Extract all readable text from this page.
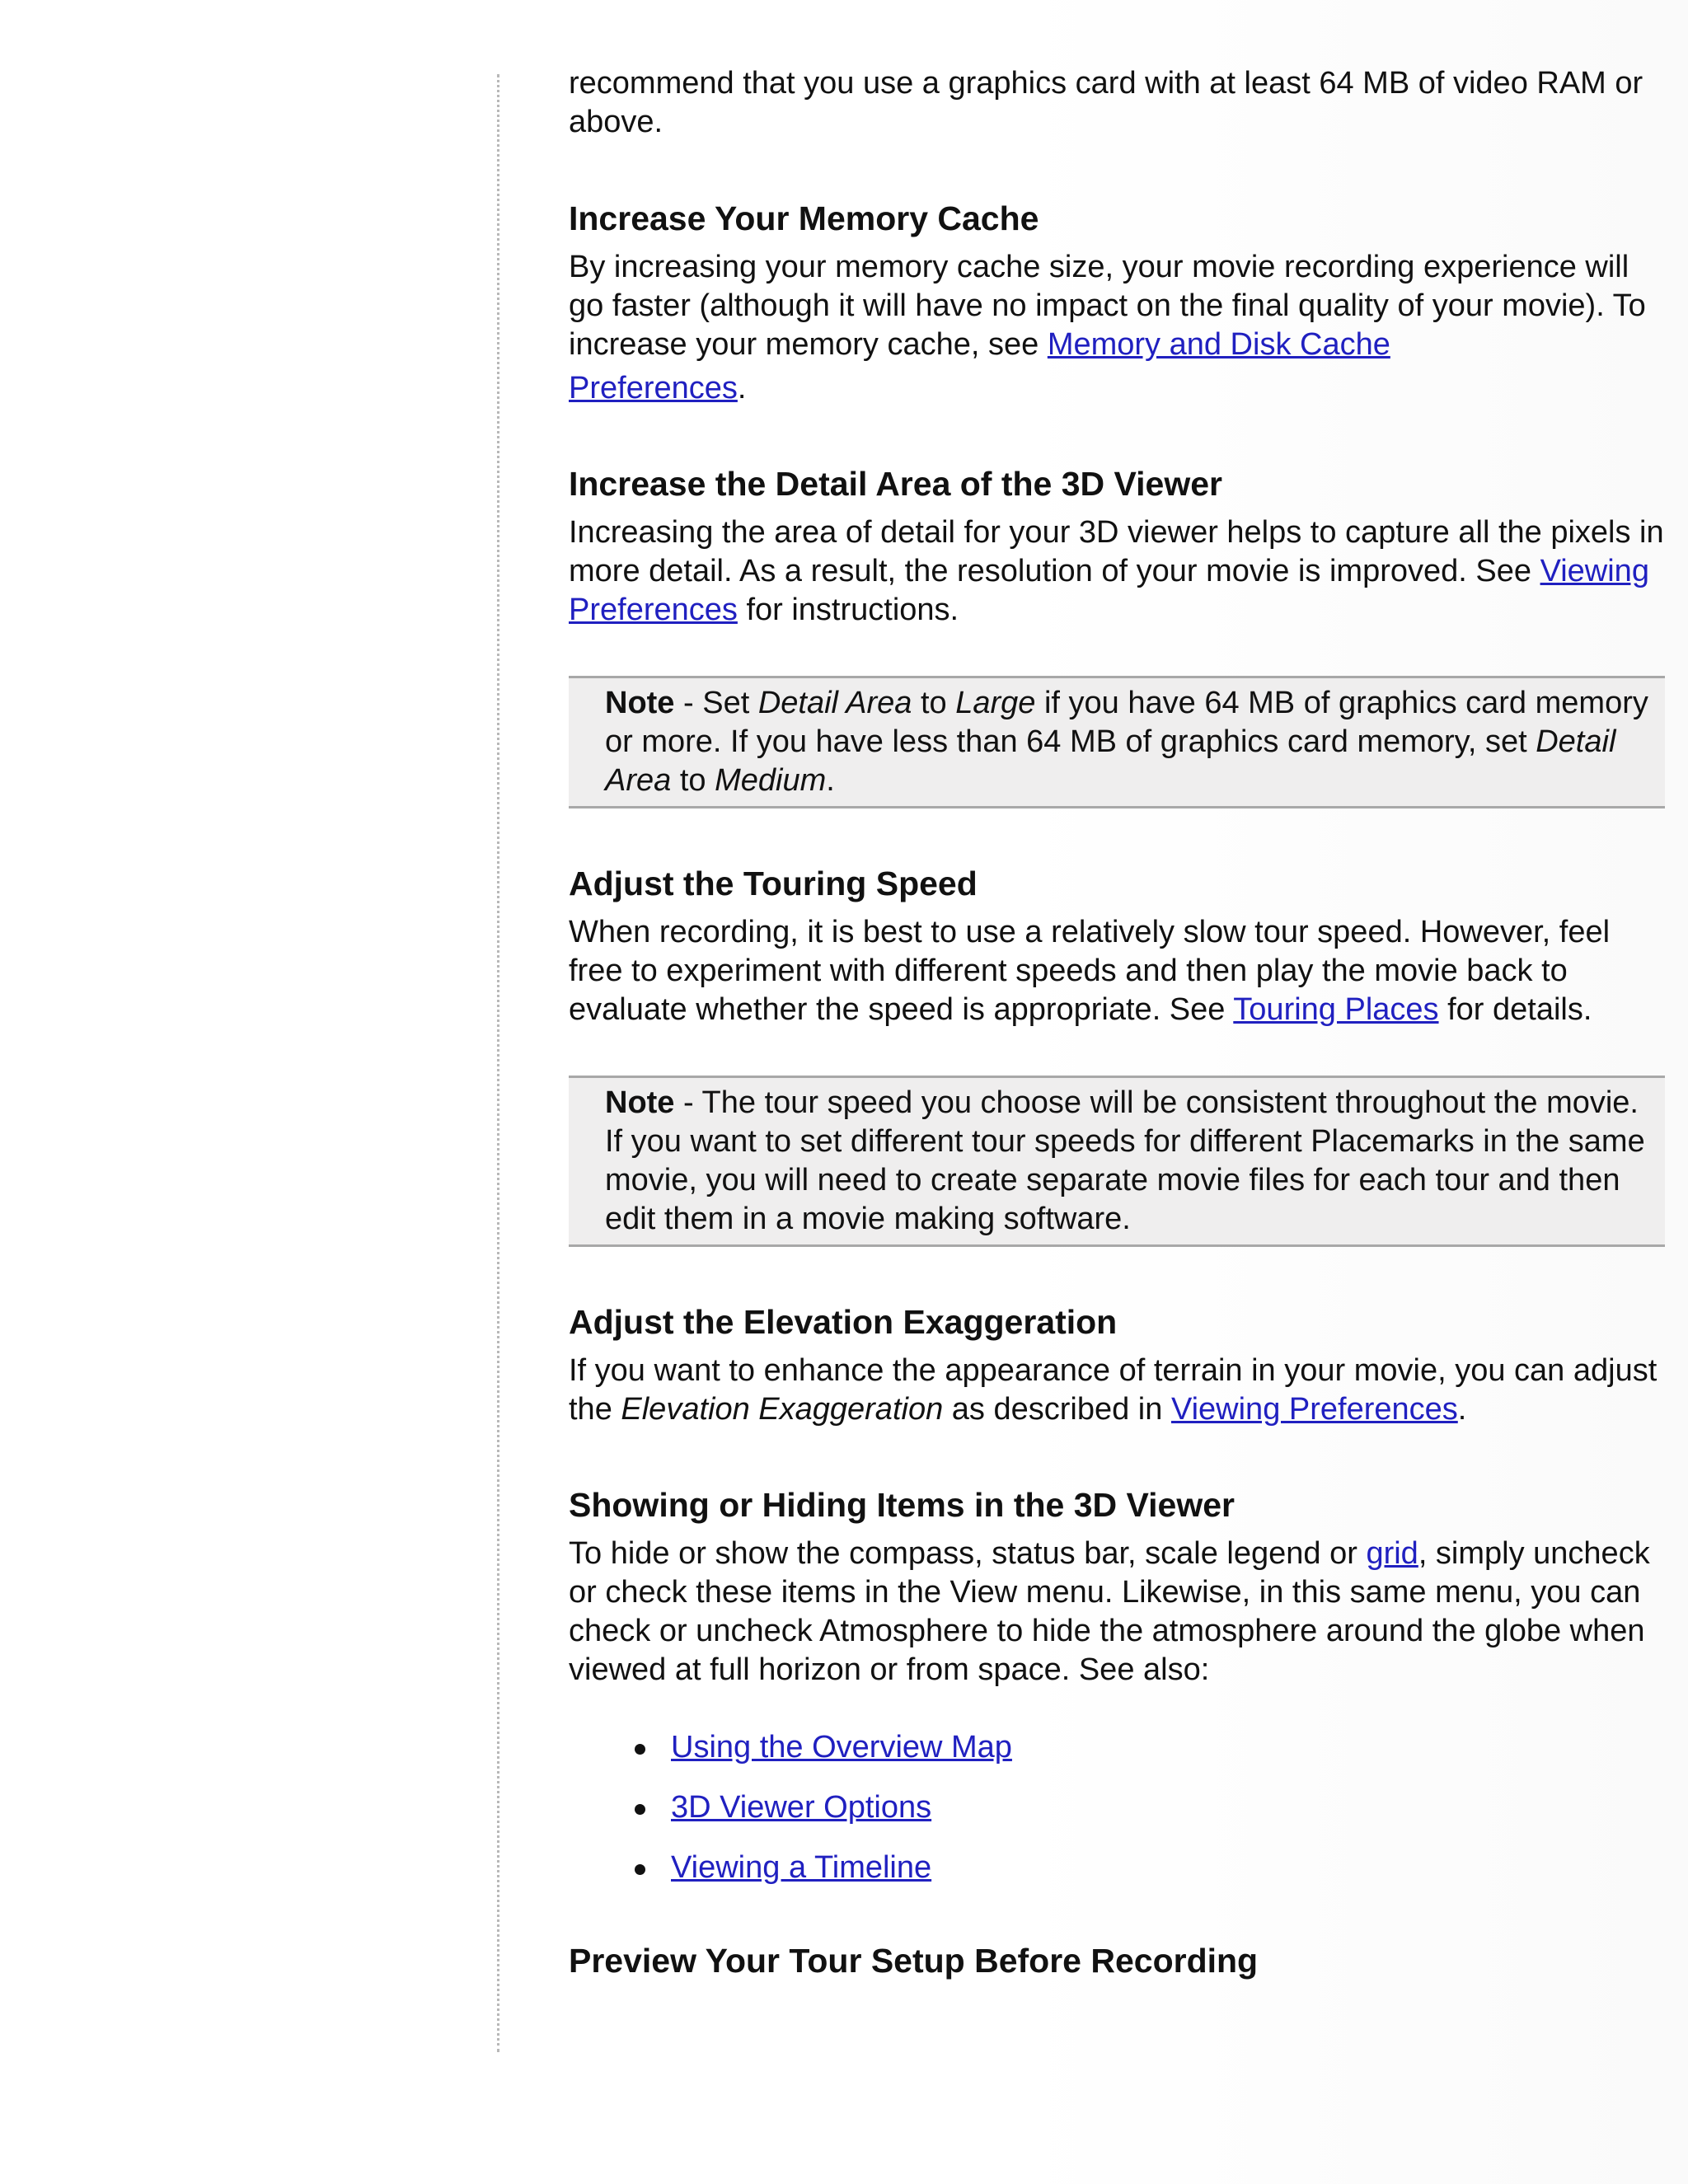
recommend that you use a graphics card with at least 64 MB of video RAM or above.

Increase Your Memory Cache

By increasing your memory cache size, your movie recording experience will go faster (although it will have no impact on the final quality of your movie). To increase your memory cache, see Memory and Disk Cache
Preferences.

Increase the Detail Area of the 3D Viewer

Increasing the area of detail for your 3D viewer helps to capture all the pixels in more detail. As a result, the resolution of your movie is improved. See Viewing Preferences for instructions.

Note - Set Detail Area to Large if you have 64 MB of graphics card memory or more. If you have less than 64 MB of graphics card memory, set Detail Area to Medium.
Adjust the Touring Speed

When recording, it is best to use a relatively slow tour speed. However, feel free to experiment with different speeds and then play the movie back to evaluate whether the speed is appropriate. See Touring Places for details.

Note - The tour speed you choose will be consistent throughout the movie. If you want to set different tour speeds for different Placemarks in the same movie, you will need to create separate movie files for each tour and then edit them in a movie making software.
Adjust the Elevation Exaggeration

If you want to enhance the appearance of terrain in your movie, you can adjust the Elevation Exaggeration as described in Viewing Preferences.

Showing or Hiding Items in the 3D Viewer

To hide or show the compass, status bar, scale legend or grid, simply uncheck or check these items in the View menu. Likewise, in this same menu, you can check or uncheck Atmosphere to hide the atmosphere around the globe when viewed at full horizon or from space. See also:

Using the Overview Map
3D Viewer Options
Viewing a Timeline
Preview Your Tour Setup Before Recording
